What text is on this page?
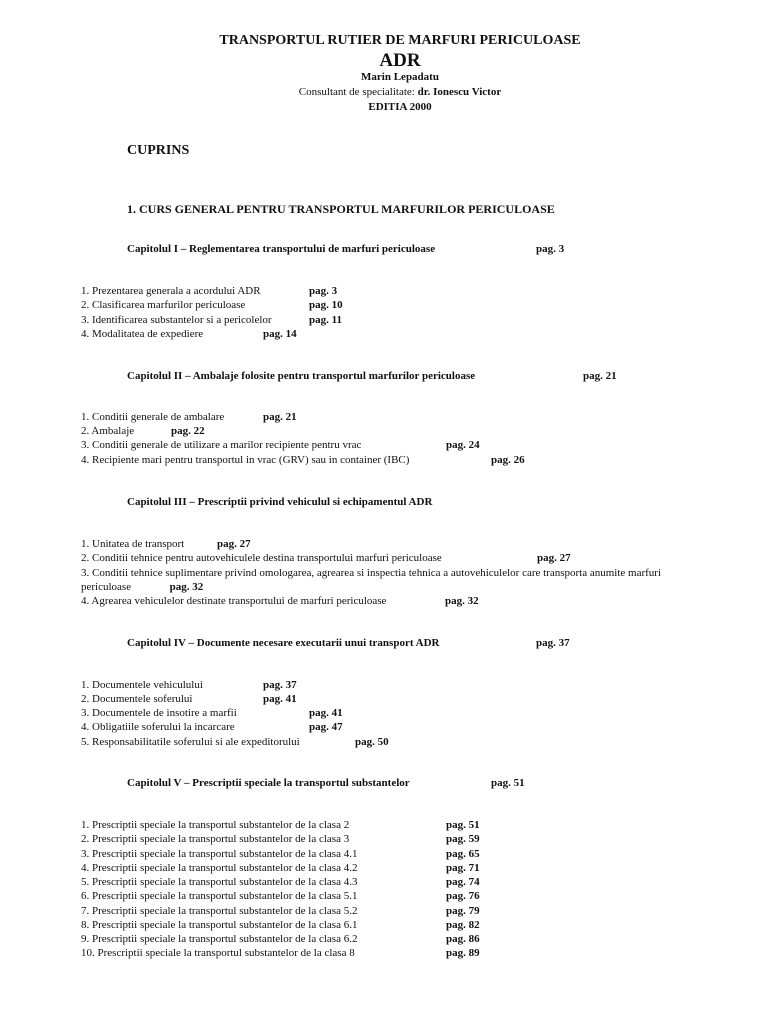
TRANSPORTUL RUTIER DE MARFURI PERICULOASE
ADR
Marin Lepadatu
Consultant de specialitate: dr. Ionescu Victor
EDITIA 2000
CUPRINS
1. CURS GENERAL PENTRU TRANSPORTUL MARFURILOR PERICULOASE
Capitolul I – Reglementarea transportului de marfuri periculoase	pag. 3
1. Prezentarea generala a acordului ADR	pag. 3
2. Clasificarea marfurilor periculoase	pag. 10
3. Identificarea substantelor si a pericolelor	pag. 11
4. Modalitatea de expediere	pag. 14
Capitolul II – Ambalaje folosite pentru transportul marfurilor periculoase	pag. 21
1. Conditii generale de ambalare	pag. 21
2. Ambalaje	pag. 22
3. Conditii generale de utilizare a marilor recipiente pentru vrac	pag. 24
4. Recipiente mari pentru transportul in vrac (GRV) sau in container (IBC)	pag. 26
Capitolul III – Prescriptii privind vehiculul si echipamentul ADR
1. Unitatea de transport	pag. 27
2. Conditii tehnice pentru autovehiculele destina transportului marfuri periculoase	pag. 27
3. Conditii tehnice suplimentare privind omologarea, agrearea si inspectia tehnica a autovehiculelor care transporta anumite marfuri periculoase	pag. 32
4. Agrearea vehiculelor destinate transportului de marfuri periculoase	pag. 32
Capitolul IV – Documente necesare executarii unui transport ADR	pag. 37
1. Documentele vehiculului	pag. 37
2. Documentele soferului	pag. 41
3. Documentele de insotire a marfii	pag. 41
4. Obligatiile soferului la incarcare	pag. 47
5. Responsabilitatile soferului si ale expeditorului	pag. 50
Capitolul V – Prescriptii speciale la transportul substantelor	pag. 51
1. Prescriptii speciale la transportul substantelor de la clasa 2	pag. 51
2. Prescriptii speciale la transportul substantelor de la clasa 3	pag. 59
3. Prescriptii speciale la transportul substantelor de la clasa 4.1	pag. 65
4. Prescriptii speciale la transportul substantelor de la clasa 4.2	pag. 71
5. Prescriptii speciale la transportul substantelor de la clasa 4.3	pag. 74
6. Prescriptii speciale la transportul substantelor de la clasa 5.1	pag. 76
7. Prescriptii speciale la transportul substantelor de la clasa 5.2	pag. 79
8. Prescriptii speciale la transportul substantelor de la clasa 6.1	pag. 82
9. Prescriptii speciale la transportul substantelor de la clasa 6.2	pag. 86
10. Prescriptii speciale la transportul substantelor de la clasa 8	pag. 89
